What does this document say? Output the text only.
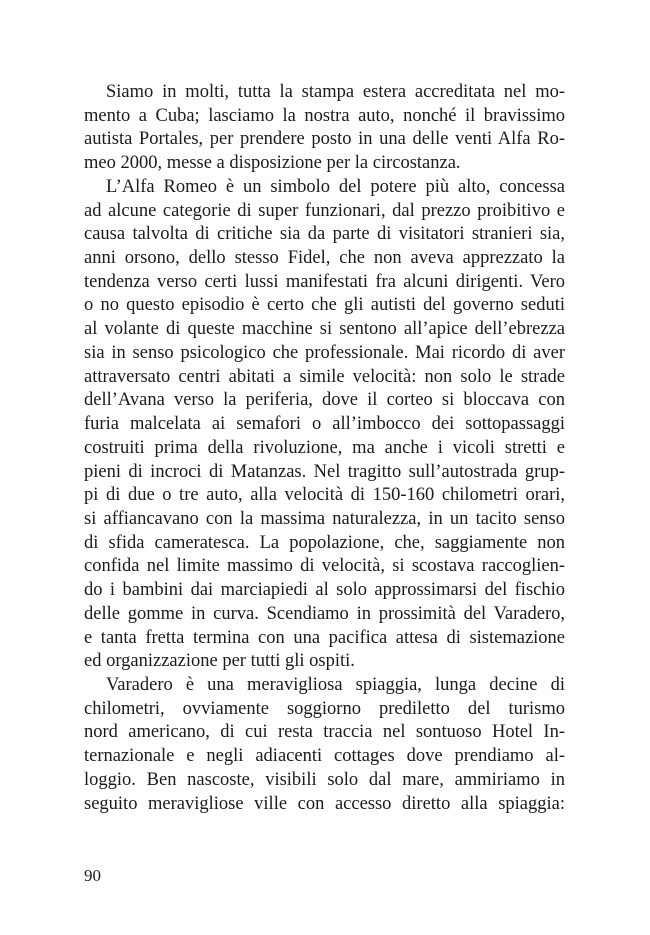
Siamo in molti, tutta la stampa estera accreditata nel mo-
mento a Cuba; lasciamo la nostra auto, nonché il bravissimo
autista Portales, per prendere posto in una delle venti Alfa Ro-
meo 2000, messe a disposizione per la circostanza.
L’Alfa Romeo è un simbolo del potere più alto, concessa
ad alcune categorie di super funzionari, dal prezzo proibitivo e
causa talvolta di critiche sia da parte di visitatori stranieri sia,
anni orsono, dello stesso Fidel, che non aveva apprezzato la
tendenza verso certi lussi manifestati fra alcuni dirigenti. Vero
o no questo episodio è certo che gli autisti del governo seduti
al volante di queste macchine si sentono all’apice dell’ebrezza
sia in senso psicologico che professionale. Mai ricordo di aver
attraversato centri abitati a simile velocità: non solo le strade
dell’Avana verso la periferia, dove il corteo si bloccava con
furia malcelata ai semafori o all’imbocco dei sottopassaggi
costruiti prima della rivoluzione, ma anche i vicoli stretti e
pieni di incroci di Matanzas. Nel tragitto sull’autostrada grup-
pi di due o tre auto, alla velocità di 150-160 chilometri orari,
si affiancavano con la massima naturalezza, in un tacito senso
di sfida cameratesca. La popolazione, che, saggiamente non
confida nel limite massimo di velocità, si scostava raccoglien-
do i bambini dai marciapiedi al solo approssimarsi del fischio
delle gomme in curva. Scendiamo in prossimità del Varadero,
e tanta fretta termina con una pacifica attesa di sistemazione
ed organizzazione per tutti gli ospiti.
Varadero è una meravigliosa spiaggia, lunga decine di
chilometri, ovviamente soggiorno prediletto del turismo
nord americano, di cui resta traccia nel sontuoso Hotel In-
ternazionale e negli adiacenti cottages dove prendiamo al-
loggio. Ben nascoste, visibili solo dal mare, ammiriamo in
seguito meravigliose ville con accesso diretto alla spiaggia:
90
